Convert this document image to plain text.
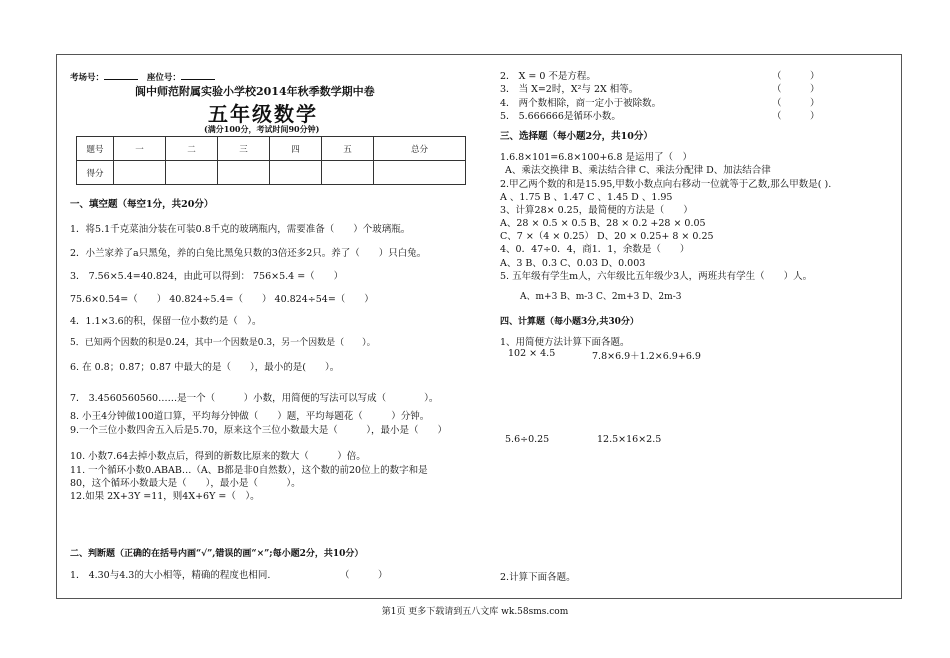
考场号：	座位号：
阆中师范附属实验小学校2014年秋季数学期中卷
五年级数学
(满分100分，考试时间90分钟)
题号	一	二	三	四	五	总分
得分						
一、填空题（每空1分，共20分）
1．将5.1千克菜油分装在可装0.8千克的玻璃瓶内，需要准备（　　）个玻璃瓶。
2．小兰家养了a只黑兔，养的白兔比黑兔只数的3倍还多2只。养了（　　）只白兔。
3． 7.56×5.4=40.824，由此可以得到： 756×5.4 =（　　）
75.6×0.54=（　　） 40.824÷5.4=（　　） 40.824÷54=（　　）
4．1.1×3.6的积，保留一位小数约是（　）。
5．已知两个因数的积是0.24，其中一个因数是0.3，另一个因数是（　　）。
6. 在 0.8̇；0.8̇7̇；0.8̇7 中最大的是（　　），最小的是(　　）。
7． 3.4560560560……是一个（　　　）小数，用简便的写法可以写成（　　　　）。
8. 小王4分钟做100道口算，平均每分钟做（　　）题，平均每题花（　　　）分钟。
9.一个三位小数四舍五入后是5.70，原来这个三位小数最大是（　　　），最小是（　　）
10. 小数7.64去掉小数点后，得到的新数比原来的数大（　　　）倍。
11. 一个循环小数0.ABAB…（A、B都是非0自然数），这个数的前20位上的数字和是
80，这个循环小数最大是（　　），最小是（　　　）。
12.如果 2X+3Y =11，则4X+6Y =（　）。
二、判断题（正确的在括号内画“√”,错误的画“×”;每小题2分，共10分）
1． 4.30与4.3的大小相等，精确的程度也相同.	（　　　）
2． X = 0 不是方程。	（　　　）
3． 当 X=2时，X²与 2X 相等。	（　　　）
4． 两个数相除，商一定小于被除数。	（　　　）
5． 5.666666是循环小数。	（　　　）
三、选择题（每小题2分，共10分）
1.6.8×101=6.8×100+6.8 是运用了（　）
A、乘法交换律 B、乘法结合律 C、乘法分配律 D、加法结合律
2.甲乙两个数的和是15.95,甲数小数点向右移动一位就等于乙数,那么甲数是( ).
A 、1.75 B 、1.47 C 、1.45 D 、1.95
3、计算28× 0.25，最简便的方法是（　　）
A、28 × 0.5 × 0.5 B、28 × 0.2 +28 × 0.05
C、7 ×（4 × 0.25） D、20 × 0.25+ 8 × 0.25
4、0．47÷0．4，商1．1，余数是（　　）
A、3 B、0.3 C、0.03 D、0.003
5. 五年级有学生m人，六年级比五年级少3人，两班共有学生（　　）人。
A、m+3 B、m-3 C、2m+3 D、2m-3
四、计算题（每小题3分,共30分）
1、用简便方法计算下面各题。
102 × 4.5	7.8×6.9＋1.2×6.9+6.9
5.6÷0.25	12.5×16×2.5
2.计算下面各题。
第1页 更多下载请到五八文库 wk.58sms.com
